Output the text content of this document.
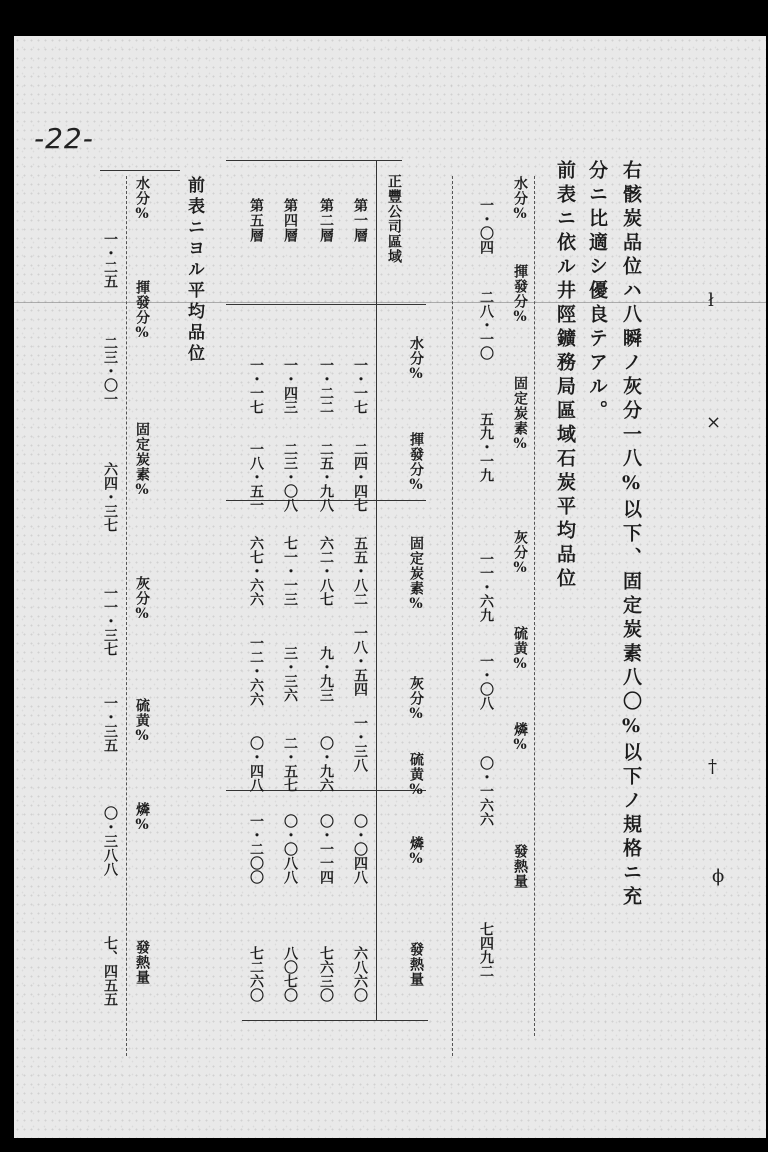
-22-
右骸炭品位ハ八瞬ノ灰分一八%以下、固定炭素八〇%以下ノ規格ニ充
分ニ比適シ優良テアル。
前表ニ依ル井陘鑛務局區域石炭平均品位
水分%
揮發分%
固定炭素%
灰分%
硫黄%
燐%
發熱量
一・〇四
二八・一〇
五九・一九
一一・六九
一・〇八
〇・一六六
七四九二
正豐公司區域
水分%
揮發分%
固定炭素%
灰分%
硫黄%
燐%
發熱量
第一層
一・一七
二四・四七
五五・八二
一八・五四
一・三八
〇・〇四八
六八六〇
第二層
一・二二
二五・九八
六二・八七
九・九三
〇・九六
〇・一一四
七六三〇
第四層
一・四三
二三・〇八
七一・一三
三・三六
二・五七
〇・〇八八
八〇七〇
第五層
一・一七
一八・五一
六七・六六
一二・六六
〇・四八
一・二〇〇
七二六〇
前表ニヨル平均品位
水分%
揮發分%
固定炭素%
灰分%
硫黄%
燐%
發熱量
一・二五
二三・〇一
六四・三七
一一・三七
一・三五
〇・三八八
七、四五五
ł
×
†
ϕ
